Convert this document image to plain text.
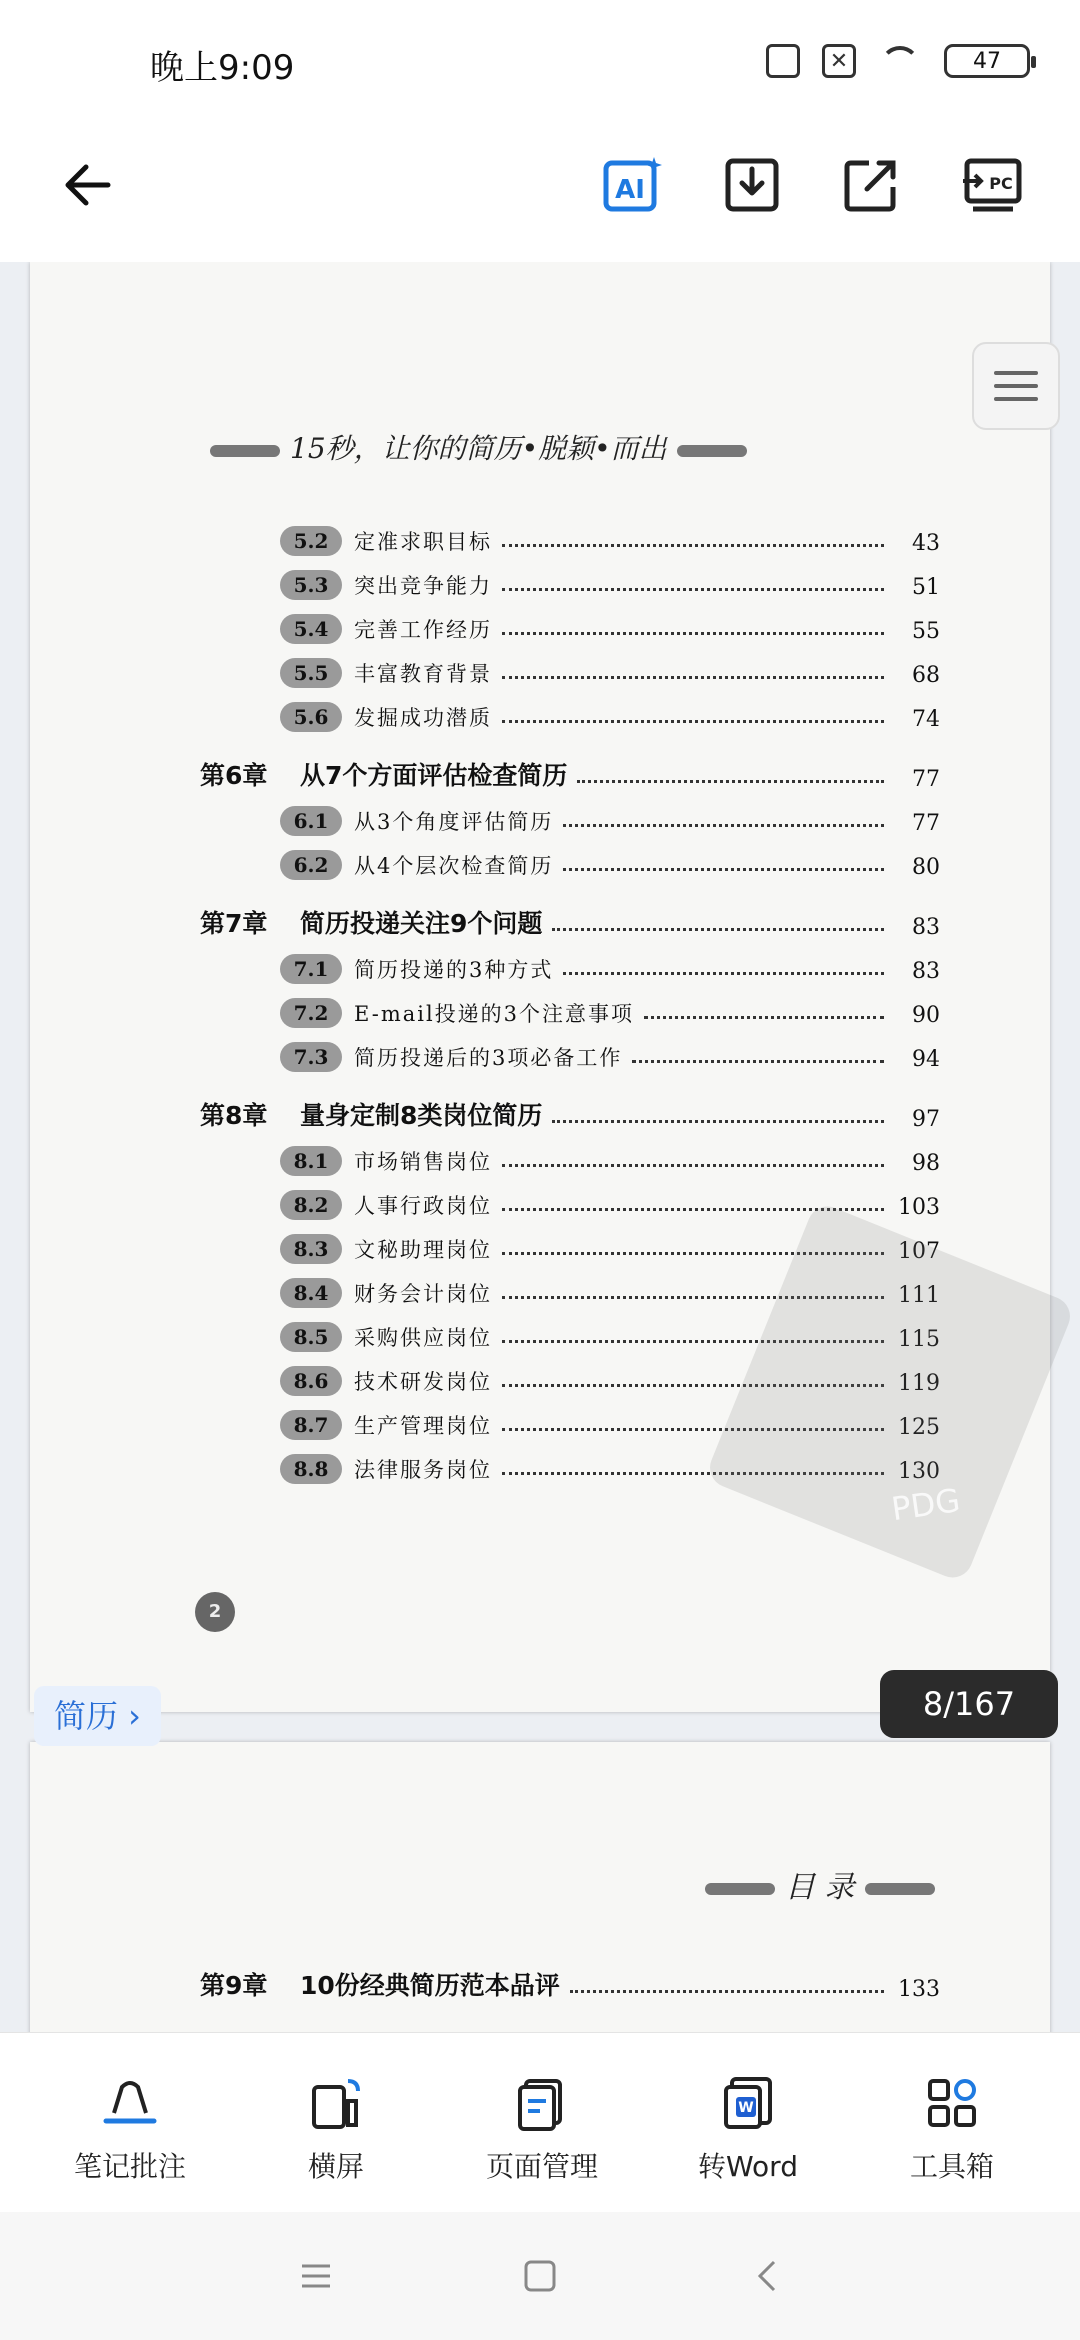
晚上9:09	✕	47
AI	PC
15秒，让你的简历•脱颖•而出
5.2	定准求职目标	43
5.3	突出竞争能力	51
5.4	完善工作经历	55
5.5	丰富教育背景	68
5.6	发掘成功潜质	74
第6章	从7个方面评估检查简历	77
6.1	从3个角度评估简历	77
6.2	从4个层次检查简历	80
第7章	简历投递关注9个问题	83
7.1	简历投递的3种方式	83
7.2	E-mail投递的3个注意事项	90
7.3	简历投递后的3项必备工作	94
第8章	量身定制8类岗位简历	97
8.1	市场销售岗位	98
8.2	人事行政岗位	103
8.3	文秘助理岗位	107
8.4	财务会计岗位	111
8.5	采购供应岗位	115
8.6	技术研发岗位	119
8.7	生产管理岗位	125
8.8	法律服务岗位	130
PDG
2
目 录
第9章	10份经典简历范本品评	133
简历 ›	8/167
笔记批注	横屏	页面管理
W
转Word	工具箱
